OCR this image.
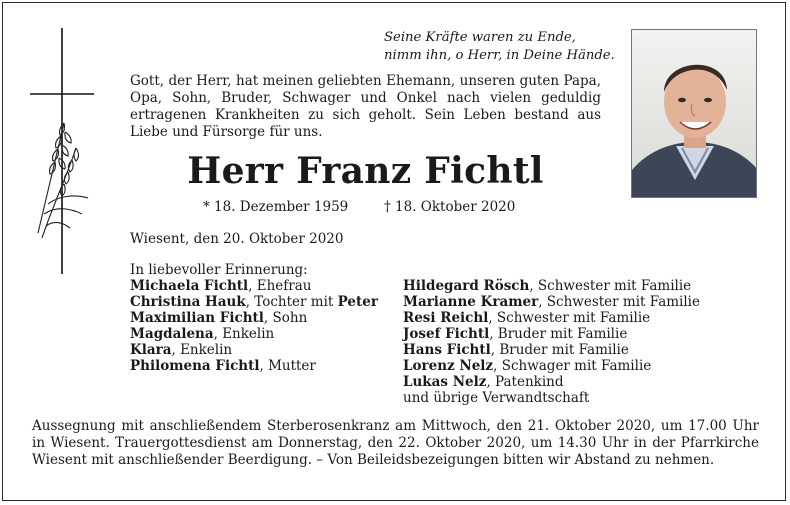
Seine Kräfte waren zu Ende,
nimm ihn, o Herr, in Deine Hände.
Gott, der Herr, hat meinen geliebten Ehemann, unseren guten Papa, Opa, Sohn, Bruder, Schwager und Onkel nach vielen geduldig ertragenen Krankheiten zu sich geholt. Sein Leben bestand aus Liebe und Fürsorge für uns.
Herr Franz Fichtl
* 18. Dezember 1959	† 18. Oktober 2020
Wiesent, den 20. Oktober 2020
In liebevoller Erinnerung:
Michaela Fichtl, Ehefrau
Christina Hauk, Tochter mit Peter
Maximilian Fichtl, Sohn
Magdalena, Enkelin
Klara, Enkelin
Philomena Fichtl, Mutter
Hildegard Rösch, Schwester mit Familie
Marianne Kramer, Schwester mit Familie
Resi Reichl, Schwester mit Familie
Josef Fichtl, Bruder mit Familie
Hans Fichtl, Bruder mit Familie
Lorenz Nelz, Schwager mit Familie
Lukas Nelz, Patenkind
und übrige Verwandtschaft
Aussegnung mit anschließendem Sterberosenkranz am Mittwoch, den 21. Oktober 2020, um 17.00 Uhr in Wiesent. Trauergottesdienst am Donnerstag, den 22. Oktober 2020, um 14.30 Uhr in der Pfarrkirche Wiesent mit anschließender Beerdigung. – Von Beileidsbezeigungen bitten wir Abstand zu nehmen.
